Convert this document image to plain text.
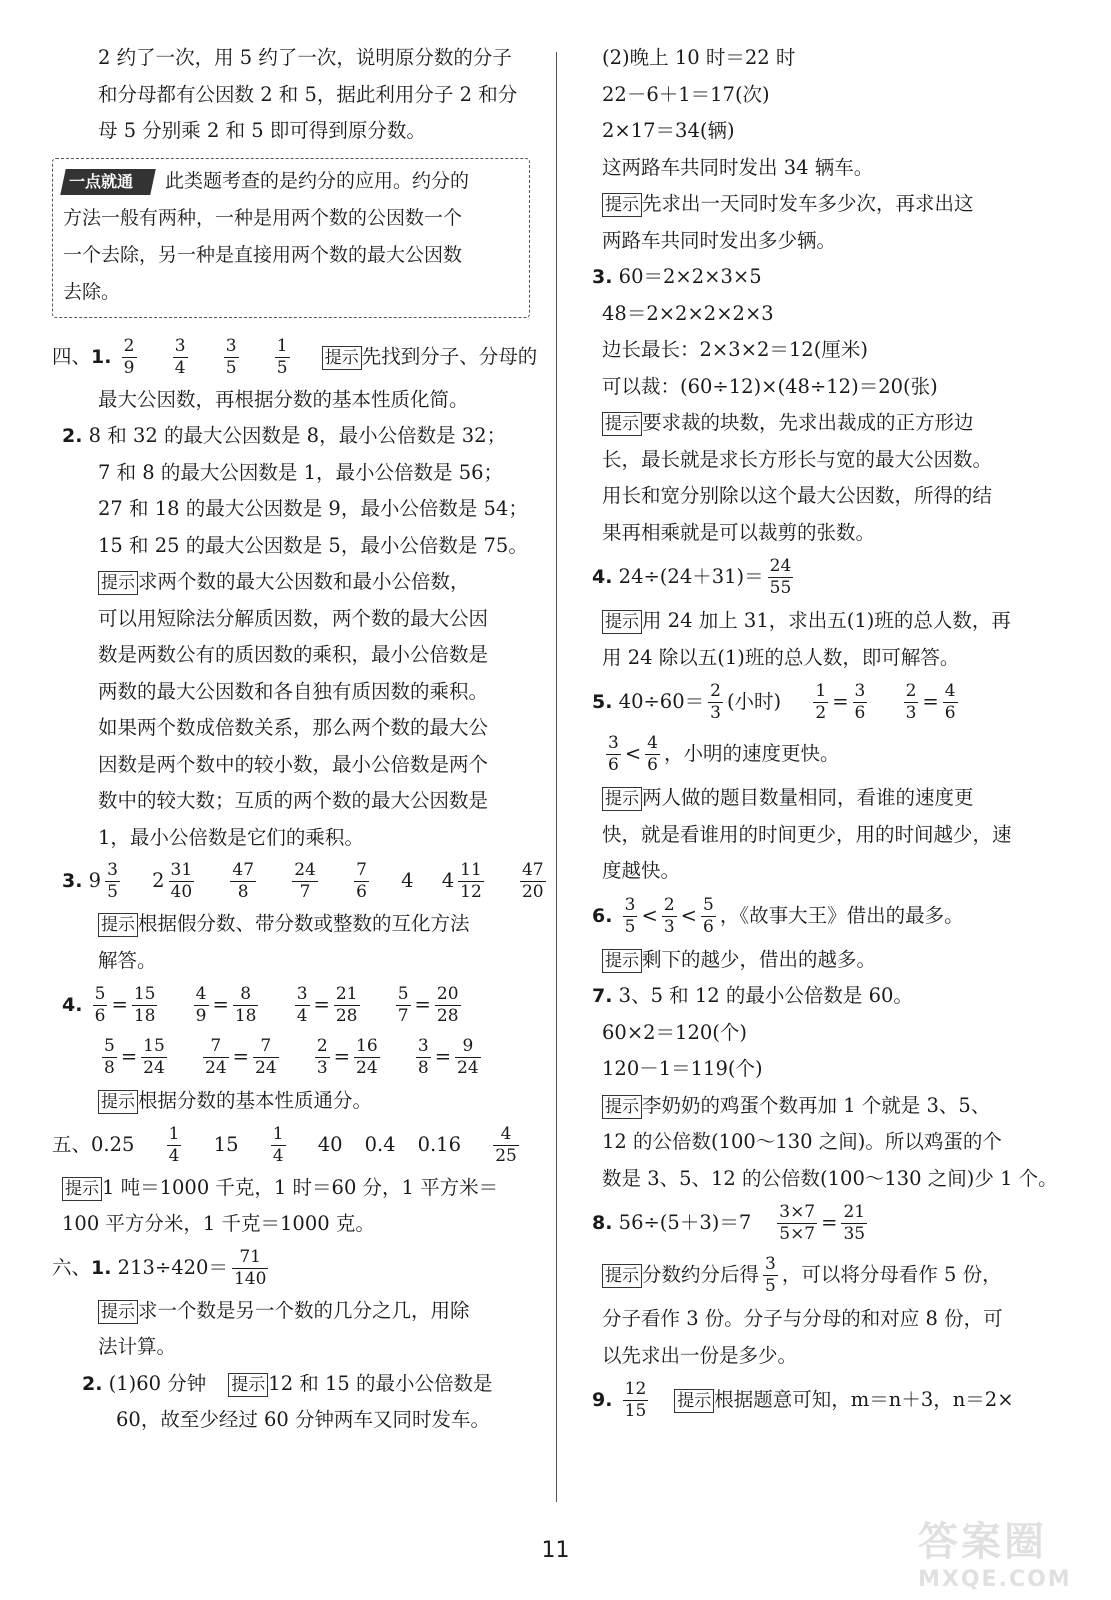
2 约了一次，用 5 约了一次，说明原分数的分子
和分母都有公因数 2 和 5，据此利用分子 2 和分
母 5 分别乘 2 和 5 即可得到原分数。
一点就通 此类题考查的是约分的应用。约分的
方法一般有两种，一种是用两个数的公因数一个
一个去除，另一种是直接用两个数的最大公因数
去除。
四、1. $\frac{2}{9}$
$\frac{3}{4}$
$\frac{3}{5}$
$\frac{1}{5}$ 提示 先找到分子、分母的
最大公因数，再根据分数的基本性质化简。
2. 8 和 32 的最大公因数是 8，最小公倍数是 32；
7 和 8 的最大公因数是 1，最小公倍数是 56；
27 和 18 的最大公因数是 9，最小公倍数是 54；
15 和 25 的最大公因数是 5，最小公倍数是 75。
提示 求两个数的最大公因数和最小公倍数，
可以用短除法分解质因数，两个数的最大公因
数是两数公有的质因数的乘积，最小公倍数是
两数的最大公因数和各自独有质因数的乘积。
如果两个数成倍数关系，那么两个数的最大公
因数是两个数中的较小数，最小公倍数是两个
数中的较大数；互质的两个数的最大公因数是
1，最小公倍数是它们的乘积。
3. $9 \frac{3}{5} 2 \frac{31}{40}$
$\frac{47}{8}$
$\frac{24}{7}$
$\frac{7}{6} 4$ $4 \frac{11}{12}$
$\frac{47}{20}$
提示 根据假分数、带分数或整数的互化方法
解答。
4. $\frac{5}{6} = \frac{15}{18}$
$\frac{4}{9} = \frac{8}{18}$
$\frac{3}{4} = \frac{21}{28}$
$\frac{5}{7} = \frac{20}{28}$
$\frac{5}{8} = \frac{15}{24}$
$\frac{7}{24} = \frac{7}{24}$
$\frac{2}{3} = \frac{16}{24}$
$\frac{3}{8} = \frac{9}{24}$
提示 根据分数的基本性质通分。
五、$0.25 \frac{1}{4} 15 \frac{1}{4} 40$ 0.4 $0.16 \frac{4}{25}$
提示 1 吨＝1000 千克，1 时＝60 分，1 平方米＝
100 平方分米，1 千克＝1000 克。
六、1. $213\div 420= \frac{71}{140}$
提示 求一个数是另一个数的几分之几，用除
法计算。
2. (1)60 分钟 提示 12 和 15 的最小公倍数是
60，故至少经过 60 分钟两车又同时发车。
(2)晚上 10 时＝22 时
22－6＋1＝17(次)
2×17＝34(辆)
这两路车共同时发出 34 辆车。
提示 先求出一天同时发车多少次，再求出这
两路车共同时发出多少辆。
3. 60＝2×2×3×5
48＝2×2×2×2×3
边长最长：2×3×2＝12(厘米)
可以裁：(60÷12)×(48÷12)＝20(张)
提示 要求裁的块数，先求出裁成的正方形边
长，最长就是求长方形长与宽的最大公因数。
用长和宽分别除以这个最大公因数，所得的结
果再相乘就是可以裁剪的张数。
4. $24\div(24+31)= \frac{24}{55}$
提示 用 24 加上 31，求出五(1)班的总人数，再
用 24 除以五(1)班的总人数，即可解答。
5. $40\div 60= \frac{2}{3}$ (小时) $\frac{1}{2} = \frac{3}{6}$
$\frac{2}{3} = \frac{4}{6}$
$\frac{3}{6} < \frac{4}{6}$ ，小明的速度更快。
提示 两人做的题目数量相同，看谁的速度更
快，就是看谁用的时间更少，用的时间越少，速
度越快。
6. $\frac{3}{5} < \frac{2}{3} < \frac{5}{6}$ ，《故事大王》借出的最多。
提示 剩下的越少，借出的越多。
7. 3、5 和 12 的最小公倍数是 60。
60×2＝120(个)
120－1＝119(个)
提示 李奶奶的鸡蛋个数再加 1 个就是 3、5、
12 的公倍数(100～130 之间)。所以鸡蛋的个
数是 3、5、12 的公倍数(100～130 之间)少 1 个。
8. $56\div(5+3)=7 \frac{3\times 7}{5\times 7} = \frac{21}{35}$
提示 分数约分后得 $\frac{3}{5}$ ，可以将分母看作 5 份，
分子看作 3 份。分子与分母的和对应 8 份，可
以先求出一份是多少。
9. $\frac{12}{15}$ 提示 根据题意可知，m＝n＋3，n＝2×
11	答案圈
MXQE.COM
